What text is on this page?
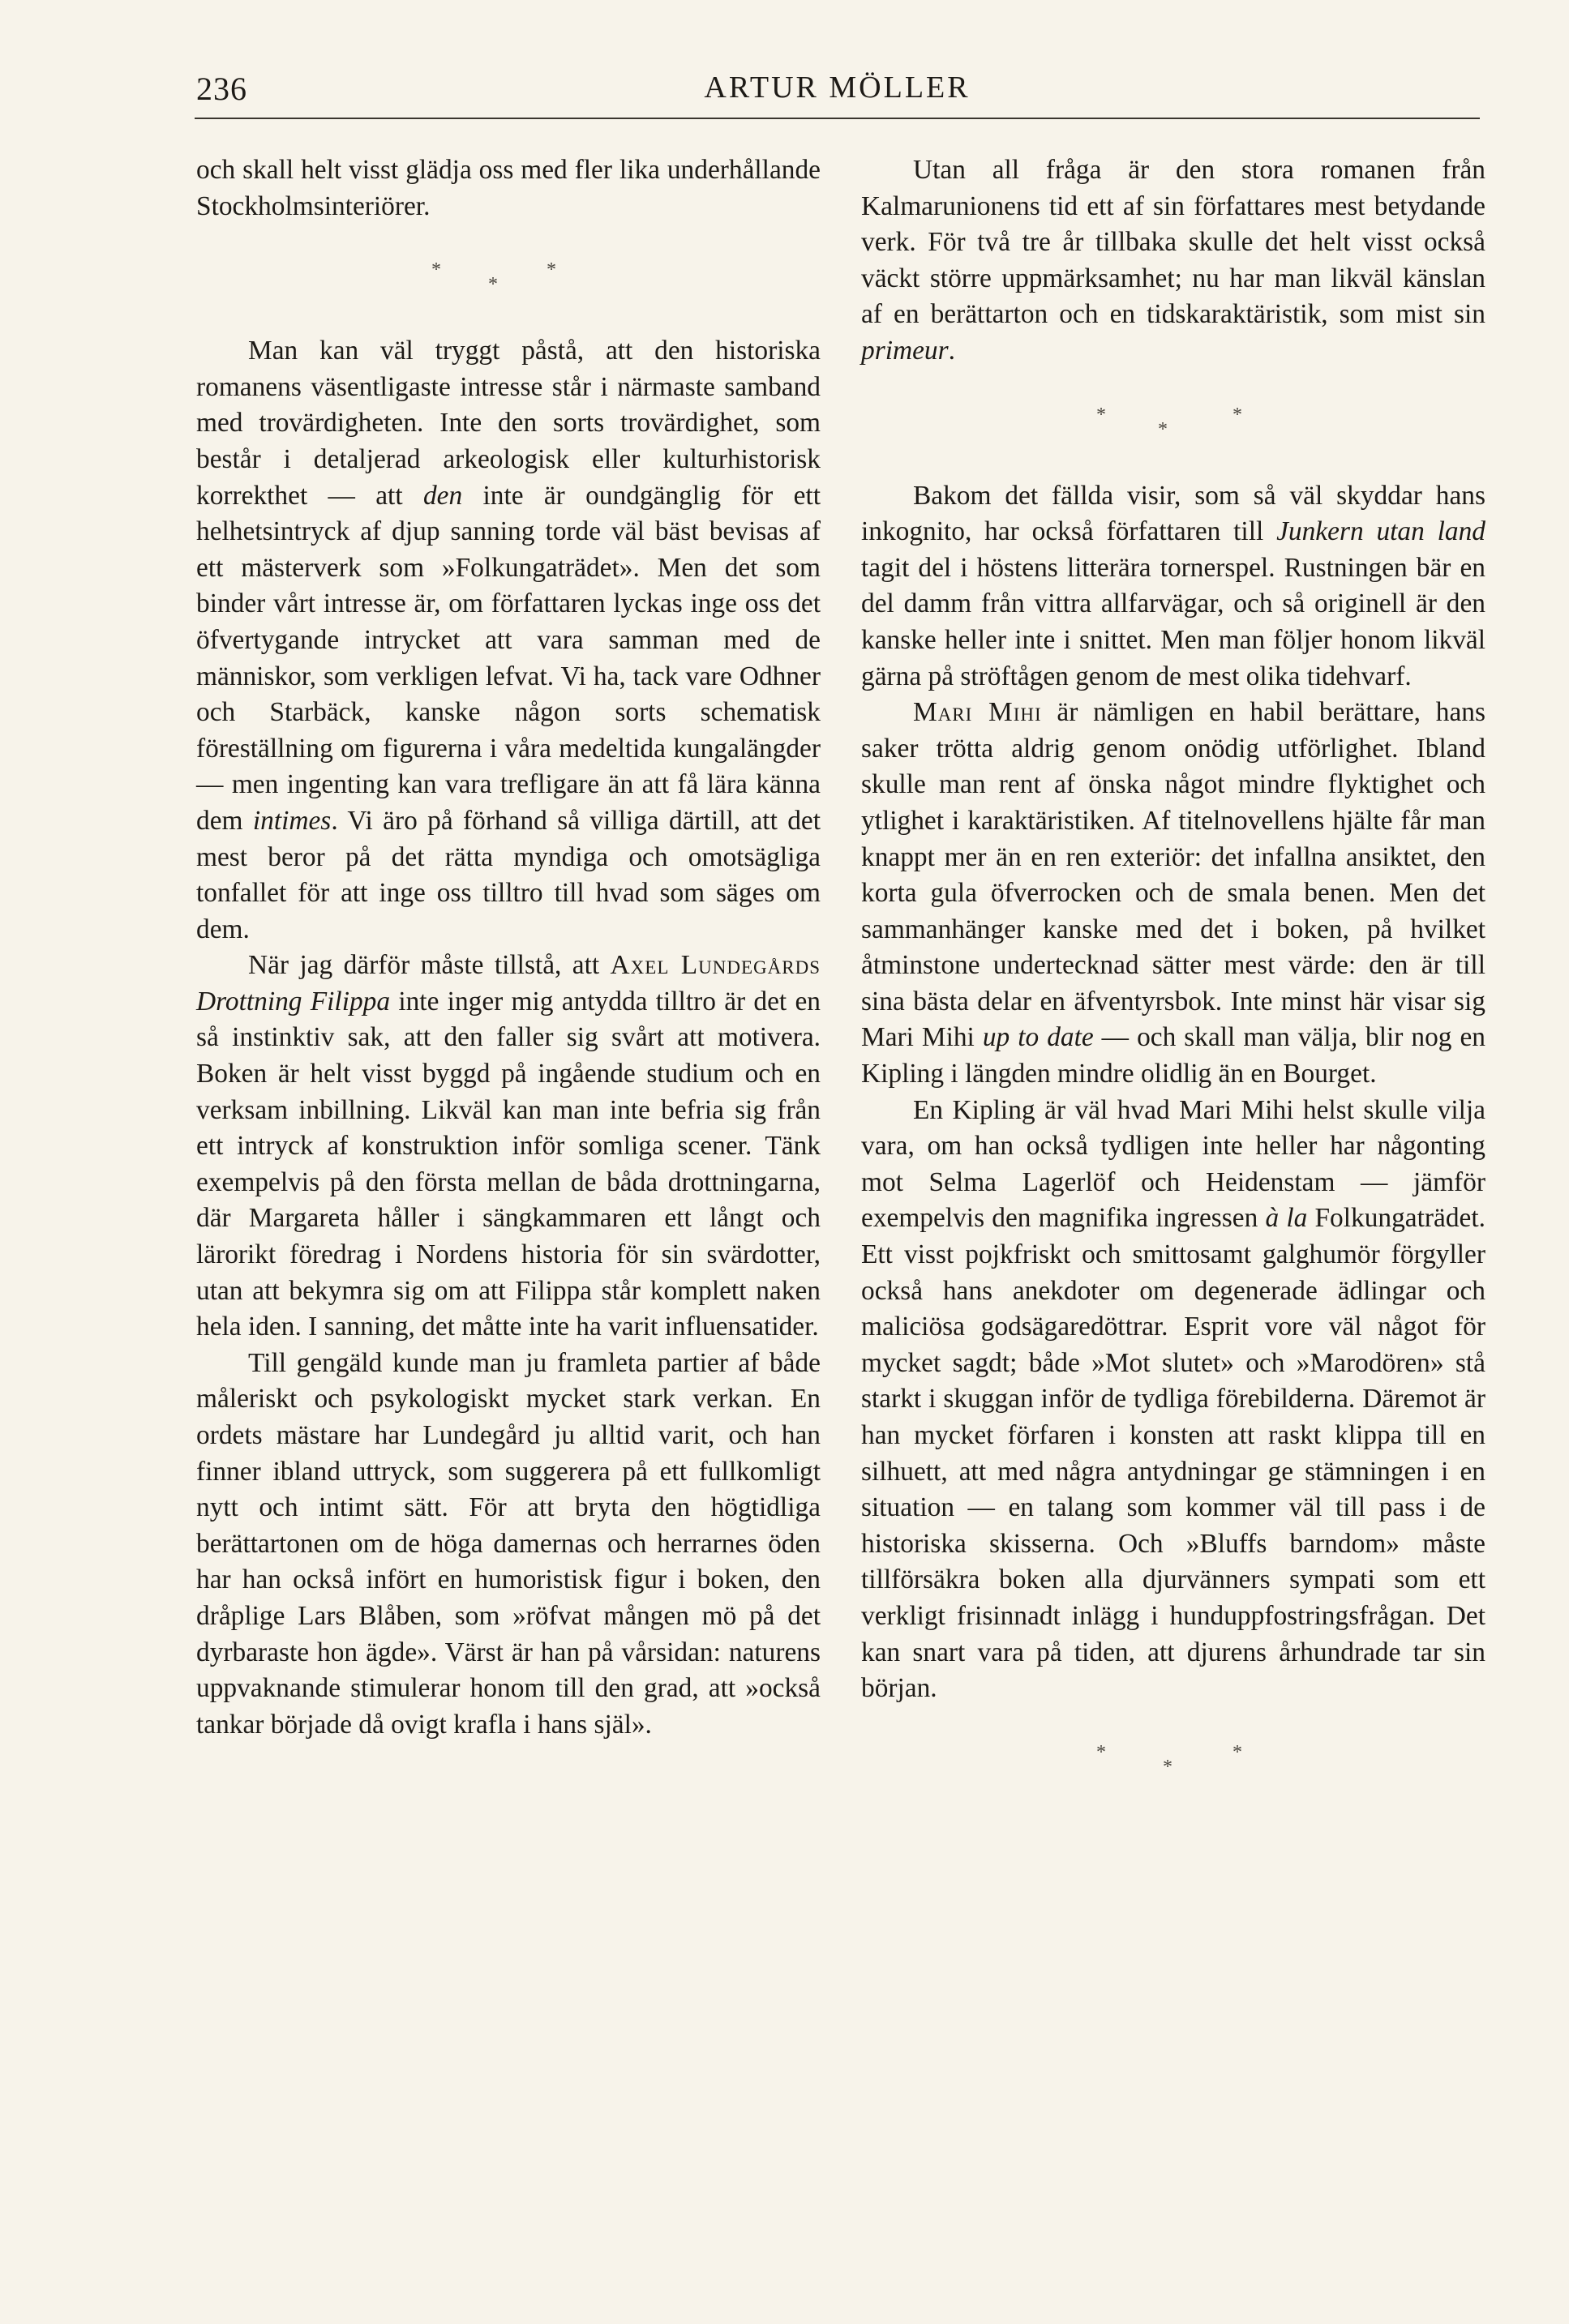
236	ARTUR MÖLLER

och skall helt visst glädja oss med fler lika underhållande Stockholmsinteriörer.

*
*
*

Man kan väl tryggt påstå, att den historiska romanens väsentligaste intresse står i närmaste samband med trovärdigheten. Inte den sorts trovärdighet, som består i detaljerad arkeologisk eller kulturhistorisk korrekthet — att den inte är oundgänglig för ett helhetsintryck af djup sanning torde väl bäst bevisas af ett mästerverk som »Folkungaträdet». Men det som binder vårt intresse är, om författaren lyckas inge oss det öfvertygande intrycket att vara samman med de människor, som verkligen lefvat. Vi ha, tack vare Odhner och Starbäck, kanske någon sorts schematisk föreställning om figurerna i våra medeltida kungalängder — men ingenting kan vara trefligare än att få lära känna dem intimes. Vi äro på förhand så villiga därtill, att det mest beror på det rätta myndiga och omotsägliga tonfallet för att inge oss tilltro till hvad som säges om dem.

När jag därför måste tillstå, att Axel Lundegårds Drottning Filippa inte inger mig antydda tilltro är det en så instinktiv sak, att den faller sig svårt att motivera. Boken är helt visst byggd på ingående studium och en verksam inbillning. Likväl kan man inte befria sig från ett intryck af konstruktion inför somliga scener. Tänk exempelvis på den första mellan de båda drottningarna, där Margareta håller i sängkammaren ett långt och lärorikt föredrag i Nordens historia för sin svärdotter, utan att bekymra sig om att Filippa står komplett naken hela iden. I sanning, det måtte inte ha varit influensatider.

Till gengäld kunde man ju framleta partier af både måleriskt och psykologiskt mycket stark verkan. En ordets mästare har Lundegård ju alltid varit, och han finner ibland uttryck, som suggerera på ett fullkomligt nytt och intimt sätt. För att bryta den högtidliga berättartonen om de höga damernas och herrarnes öden har han också infört en humoristisk figur i boken, den dråplige Lars Blåben, som »röfvat mången mö på det dyrbaraste hon ägde». Värst är han på vårsidan: naturens uppvaknande stimulerar honom till den grad, att »också tankar började då ovigt krafla i hans själ».

Utan all fråga är den stora romanen från Kalmarunionens tid ett af sin författares mest betydande verk. För två tre år tillbaka skulle det helt visst också väckt större uppmärksamhet; nu har man likväl känslan af en berättarton och en tidskaraktäristik, som mist sin primeur.

*
*
*

Bakom det fällda visir, som så väl skyddar hans inkognito, har också författaren till Junkern utan land tagit del i höstens litterära tornerspel. Rustningen bär en del damm från vittra allfarvägar, och så originell är den kanske heller inte i snittet. Men man följer honom likväl gärna på ströftågen genom de mest olika tidehvarf.

Mari Mihi är nämligen en habil berättare, hans saker trötta aldrig genom onödig utförlighet. Ibland skulle man rent af önska något mindre flyktighet och ytlighet i karaktäristiken. Af titelnovellens hjälte får man knappt mer än en ren exteriör: det infallna ansiktet, den korta gula öfverrocken och de smala benen. Men det sammanhänger kanske med det i boken, på hvilket åtminstone undertecknad sätter mest värde: den är till sina bästa delar en äfventyrsbok. Inte minst här visar sig Mari Mihi up to date — och skall man välja, blir nog en Kipling i längden mindre olidlig än en Bourget.

En Kipling är väl hvad Mari Mihi helst skulle vilja vara, om han också tydligen inte heller har någonting mot Selma Lagerlöf och Heidenstam — jämför exempelvis den magnifika ingressen à la Folkungaträdet. Ett visst pojkfriskt och smittosamt galghumör förgyller också hans anekdoter om degenerade ädlingar och maliciösa godsägaredöttrar. Esprit vore väl något för mycket sagdt; både »Mot slutet» och »Marodören» stå starkt i skuggan inför de tydliga förebilderna. Däremot är han mycket förfaren i konsten att raskt klippa till en silhuett, att med några antydningar ge stämningen i en situation — en talang som kommer väl till pass i de historiska skisserna. Och »Bluffs barndom» måste tillförsäkra boken alla djurvänners sympati som ett verkligt frisinnadt inlägg i hunduppfostringsfrågan. Det kan snart vara på tiden, att djurens århundrade tar sin början.

*
*
*
